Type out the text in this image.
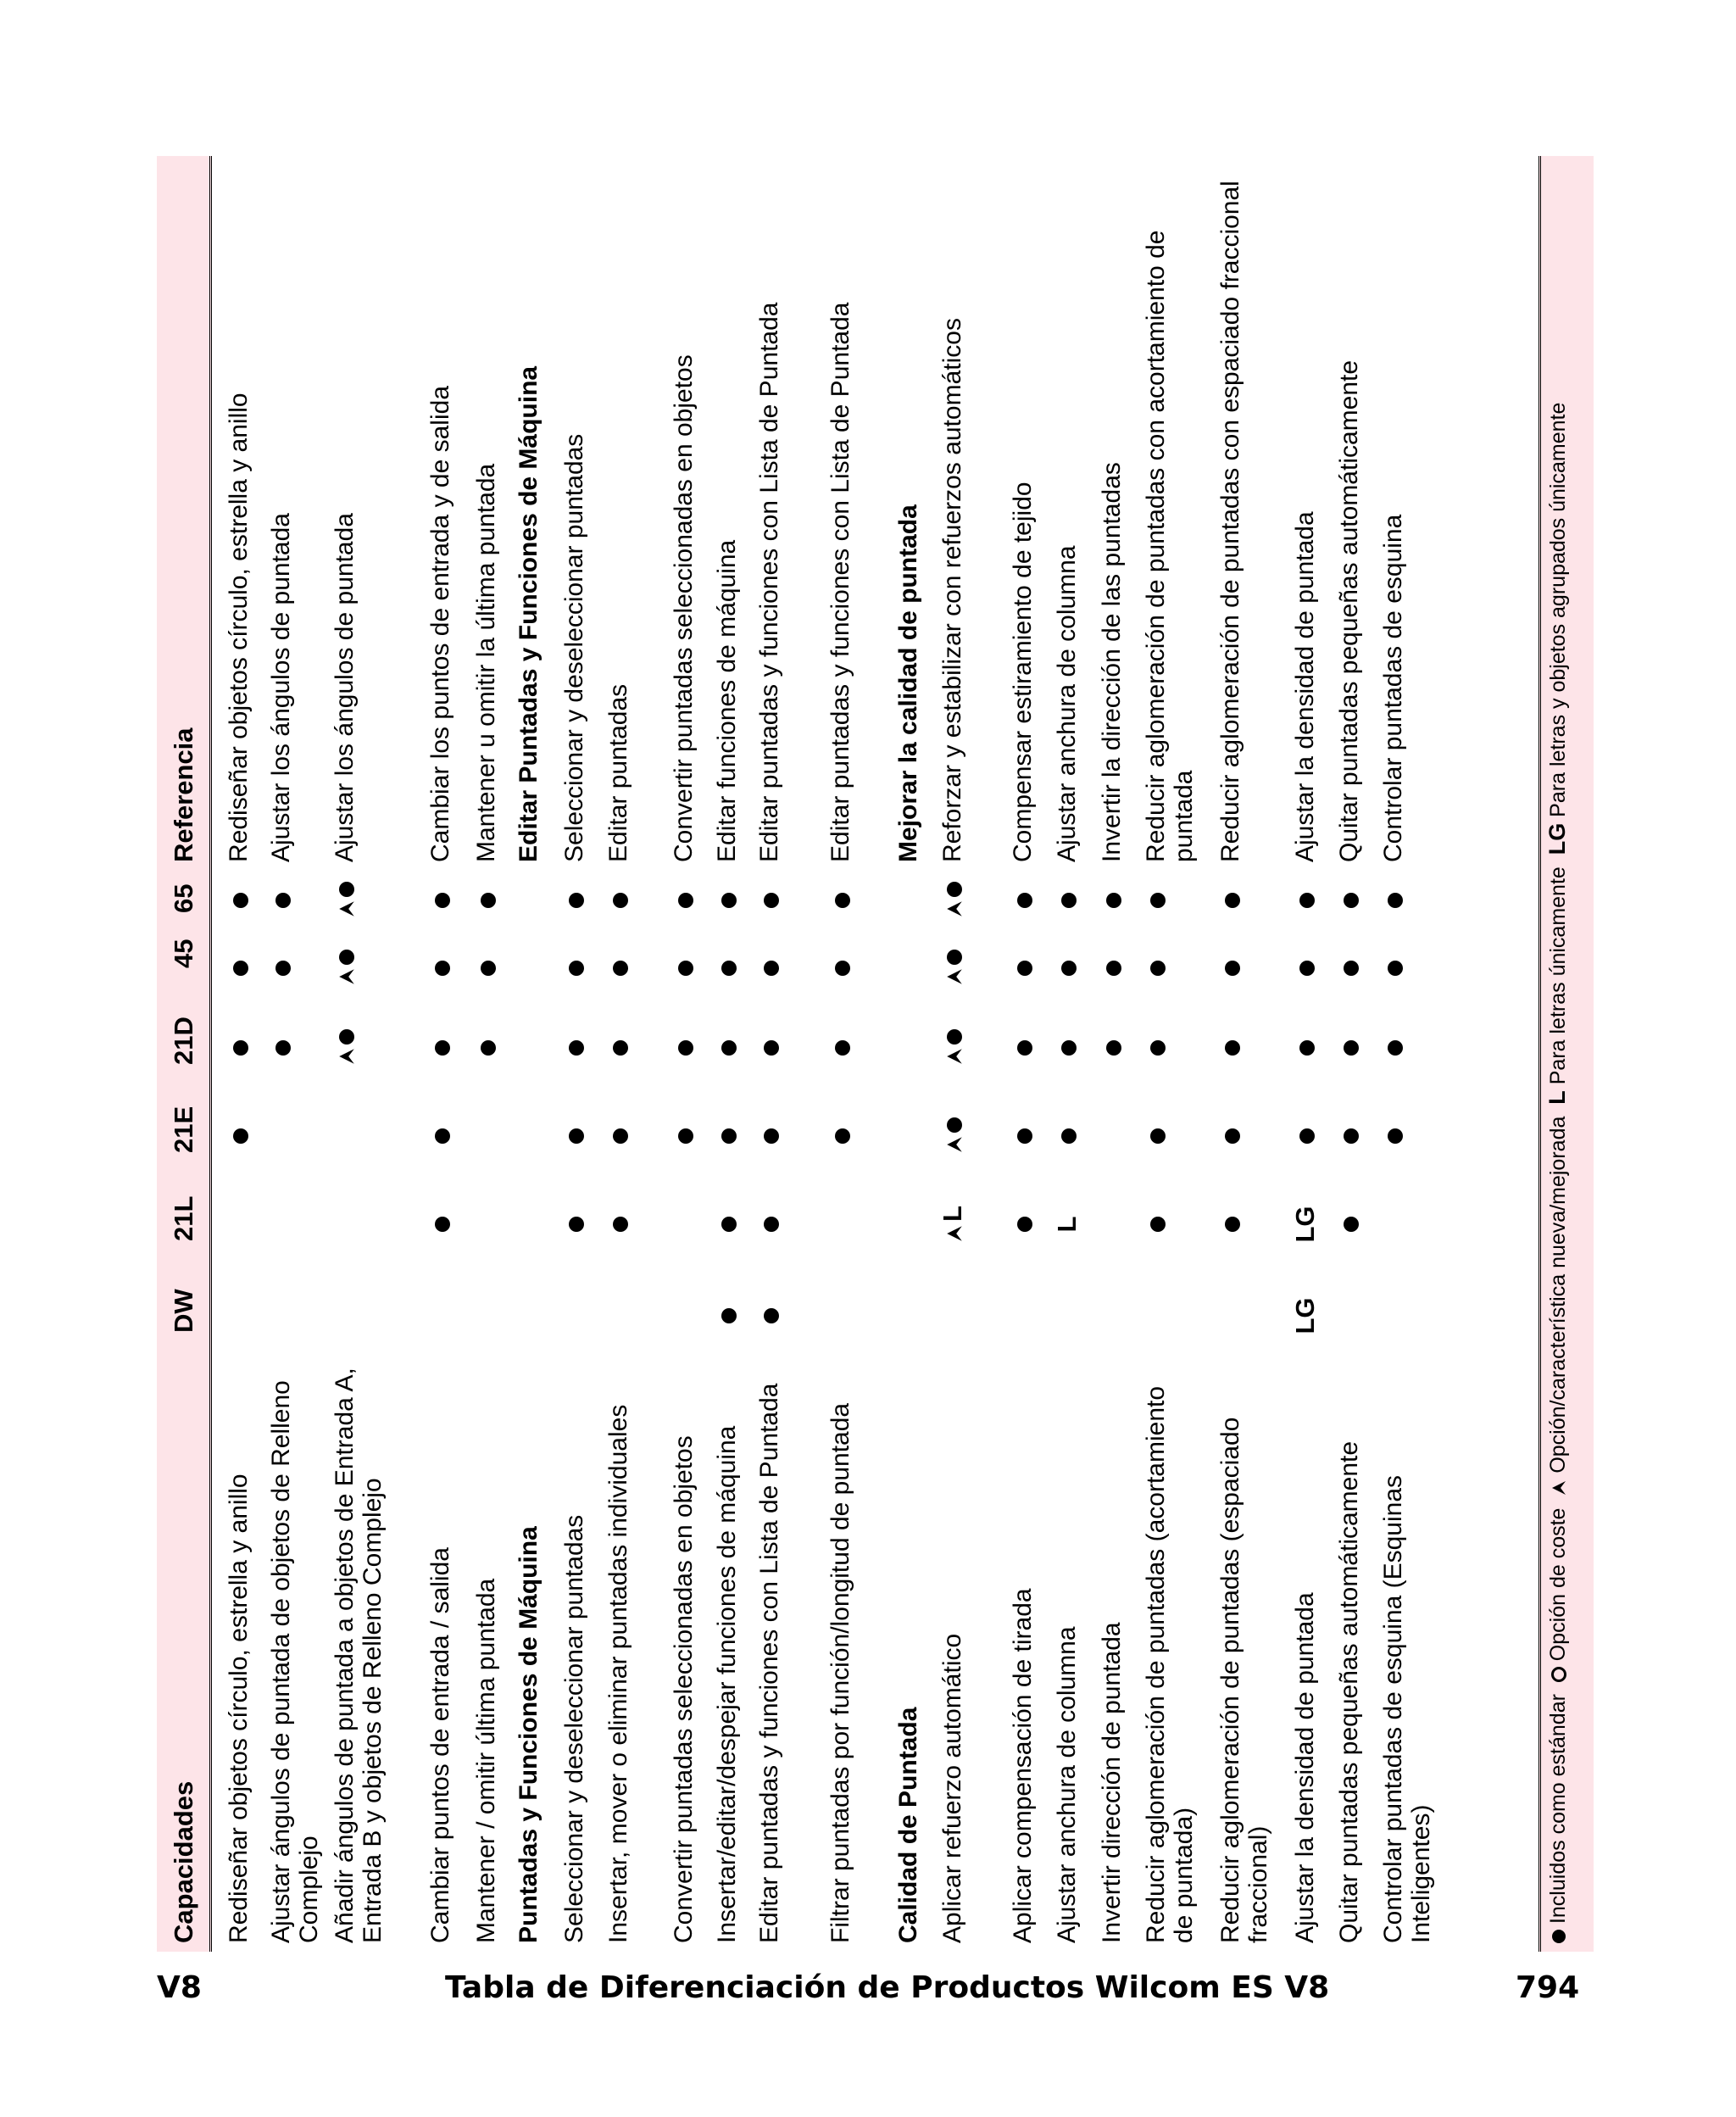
Capacidades
DW
21L
21E
21D
45
65
Referencia
Rediseñar objetos círculo, estrella y anillo
Rediseñar objetos círculo, estrella y anillo
Ajustar ángulos de puntada de objetos de Relleno Complejo
Ajustar los ángulos de puntada
Añadir ángulos de puntada a objetos de Entrada A, Entrada B y objetos de Relleno Complejo
Ajustar los ángulos de puntada
Cambiar puntos de entrada / salida
Cambiar los puntos de entrada y de salida
Mantener / omitir última puntada
Mantener u omitir la última puntada
Puntadas y Funciones de Máquina
Editar Puntadas y Funciones de Máquina
Seleccionar y deseleccionar puntadas
Seleccionar y deseleccionar puntadas
Insertar, mover o eliminar puntadas individuales
Editar puntadas
Convertir puntadas seleccionadas en objetos
Convertir puntadas seleccionadas en objetos
Insertar/editar/despejar funciones de máquina
Editar funciones de máquina
Editar puntadas y funciones con Lista de Puntada
Editar puntadas y funciones con Lista de Puntada
Filtrar puntadas por función/longitud de puntada
Editar puntadas y funciones con Lista de Puntada
Calidad de Puntada
Mejorar la calidad de puntada
Aplicar refuerzo automático
L
Reforzar y estabilizar con refuerzos automáticos
Aplicar compensación de tirada
Compensar estiramiento de tejido
Ajustar anchura de columna
L
Ajustar anchura de columna
Invertir dirección de puntada
Invertir la dirección de las puntadas
Reducir aglomeración de puntadas (acortamiento de puntada)
Reducir aglomeración de puntadas con acortamiento de puntada
Reducir aglomeración de puntadas (espaciado fraccional)
Reducir aglomeración de puntadas con espaciado fraccional
Ajustar la densidad de puntada
LG
LG
Ajustar la densidad de puntada
Quitar puntadas pequeñas automáticamente
Quitar puntadas pequeñas automáticamente
Controlar puntadas de esquina (Esquinas Inteligentes)
Controlar puntadas de esquina
Incluidos como estándar   Opción de coste   Opción/característica nueva/mejorada  L Para letras únicamente  LG Para letras y objetos agrupados únicamente
V8	Tabla de Diferenciación de Productos Wilcom ES V8	794
